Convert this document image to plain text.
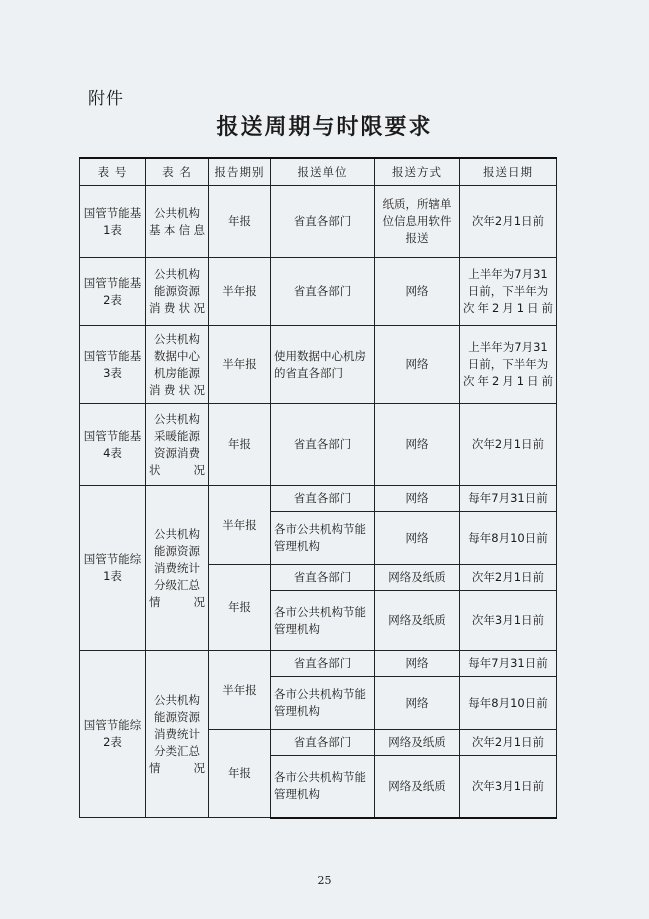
附件
报送周期与时限要求
表 号	表 名	报告期别	报送单位	报送方式	报送日期
国管节能基1表	公共机构基本信息	年报	省直各部门	纸质，所辖单位信息用软件报送	次年2月1日前
国管节能基2表	公共机构能源资源消费状况	半年报	省直各部门	网络	上半年为7月31日前，下半年为次年2月1日前
国管节能基3表	公共机构数据中心机房能源消费状况	半年报	使用数据中心机房的省直各部门	网络	上半年为7月31日前，下半年为次年2月1日前
国管节能基4表	公共机构采暖能源资源消费状况	年报	省直各部门	网络	次年2月1日前
国管节能综1表	公共机构能源资源消费统计分级汇总情况	半年报	省直各部门	网络	每年7月31日前
			各市公共机构节能管理机构	网络	每年8月10日前
		年报	省直各部门	网络及纸质	次年2月1日前
			各市公共机构节能管理机构	网络及纸质	次年3月1日前
国管节能综2表	公共机构能源资源消费统计分类汇总情况	半年报	省直各部门	网络	每年7月31日前
			各市公共机构节能管理机构	网络	每年8月10日前
		年报	省直各部门	网络及纸质	次年2月1日前
			各市公共机构节能管理机构	网络及纸质	次年3月1日前
25
